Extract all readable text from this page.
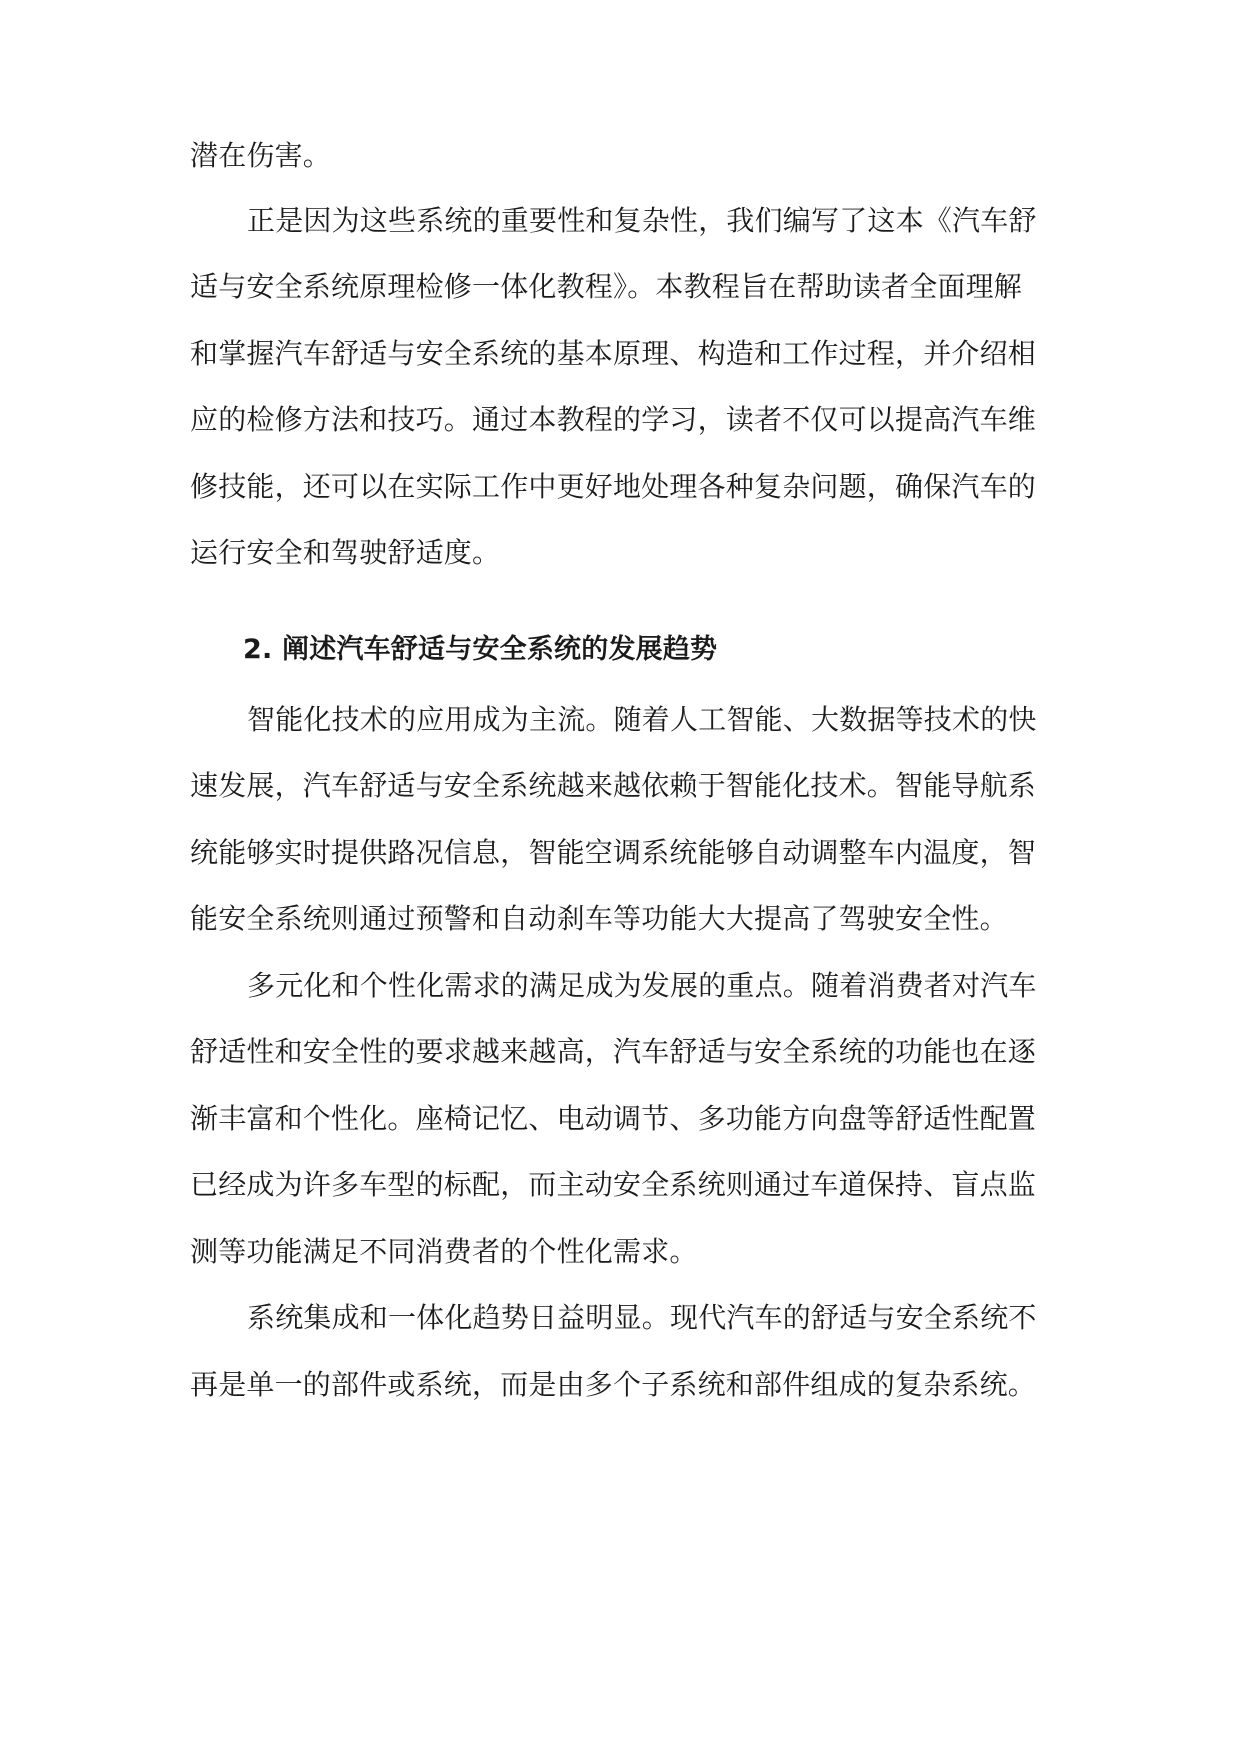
潜在伤害。
正是因为这些系统的重要性和复杂性，我们编写了这本《汽车舒
适与安全系统原理检修一体化教程》。本教程旨在帮助读者全面理解
和掌握汽车舒适与安全系统的基本原理、构造和工作过程，并介绍相
应的检修方法和技巧。通过本教程的学习，读者不仅可以提高汽车维
修技能，还可以在实际工作中更好地处理各种复杂问题，确保汽车的
运行安全和驾驶舒适度。
2. 阐述汽车舒适与安全系统的发展趋势
智能化技术的应用成为主流。随着人工智能、大数据等技术的快
速发展，汽车舒适与安全系统越来越依赖于智能化技术。智能导航系
统能够实时提供路况信息，智能空调系统能够自动调整车内温度，智
能安全系统则通过预警和自动刹车等功能大大提高了驾驶安全性。
多元化和个性化需求的满足成为发展的重点。随着消费者对汽车
舒适性和安全性的要求越来越高，汽车舒适与安全系统的功能也在逐
渐丰富和个性化。座椅记忆、电动调节、多功能方向盘等舒适性配置
已经成为许多车型的标配，而主动安全系统则通过车道保持、盲点监
测等功能满足不同消费者的个性化需求。
系统集成和一体化趋势日益明显。现代汽车的舒适与安全系统不
再是单一的部件或系统，而是由多个子系统和部件组成的复杂系统。
